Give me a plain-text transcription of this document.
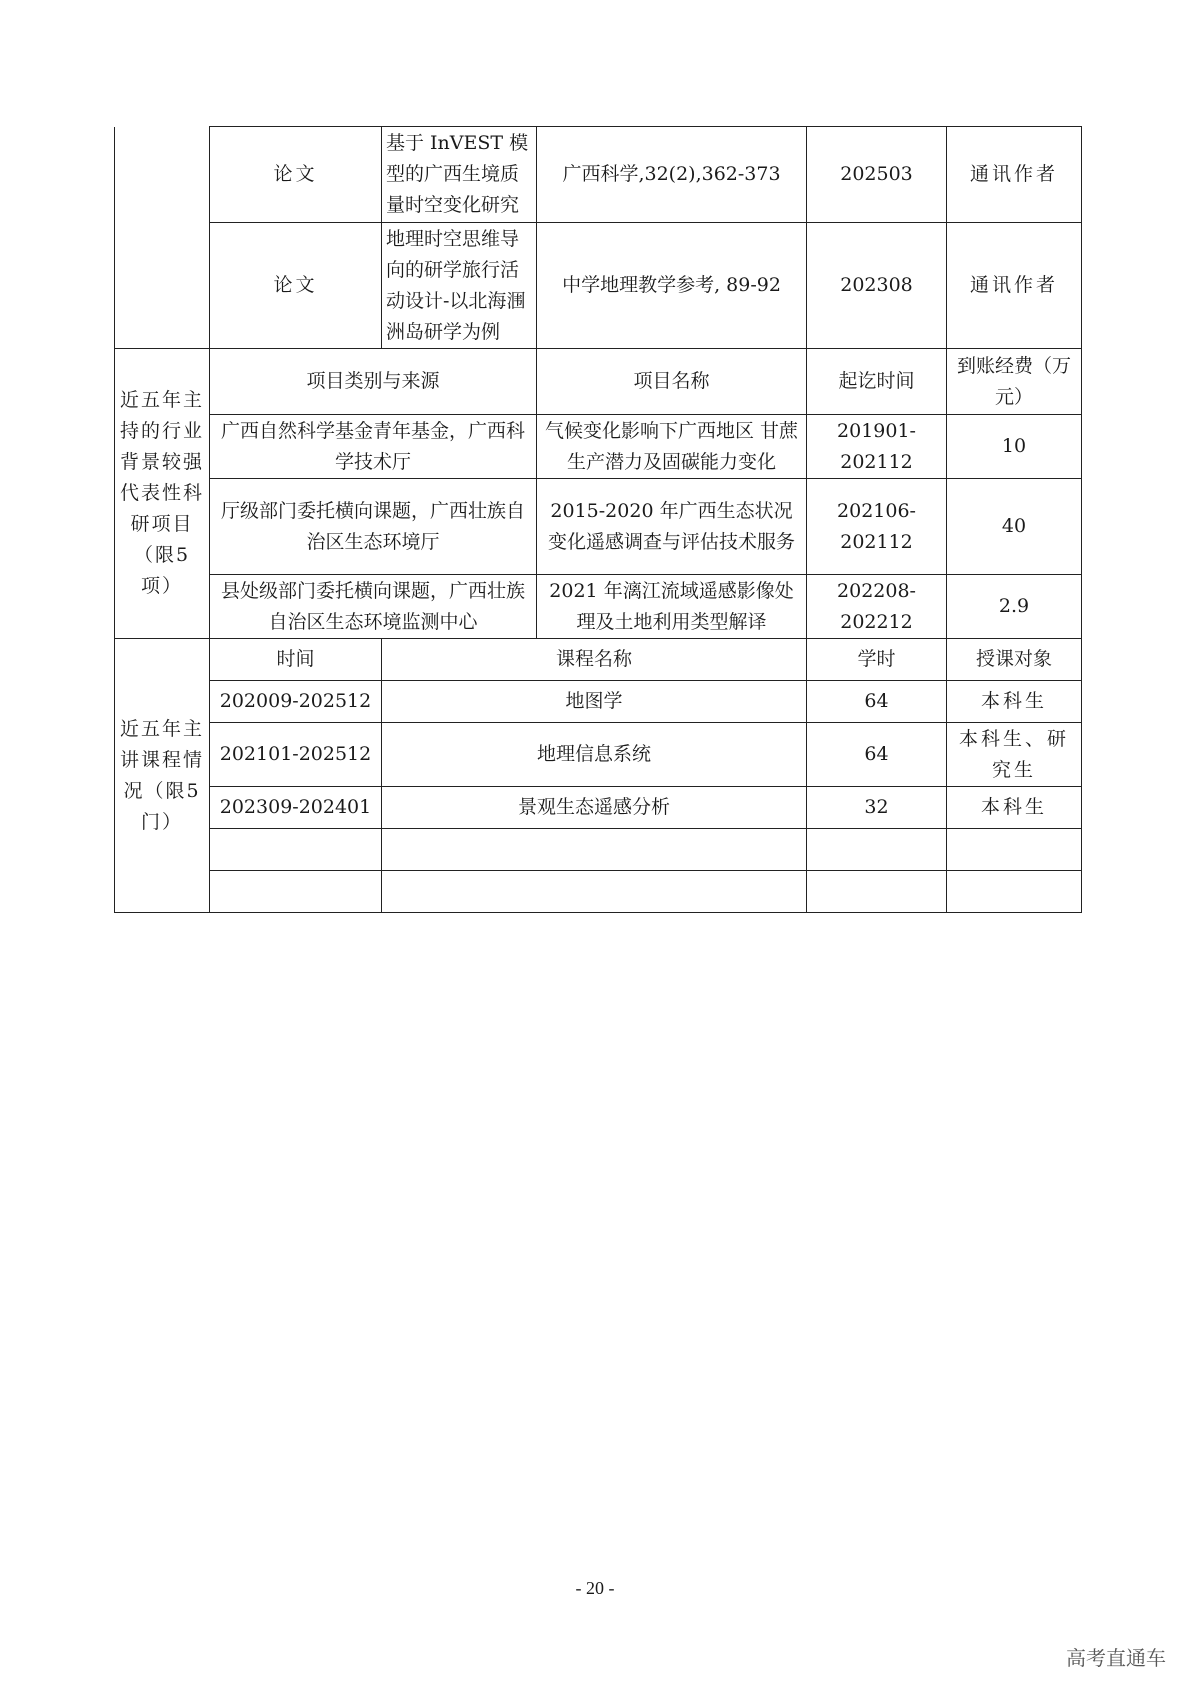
	论文	基于 InVEST 模型的广西生境质量时空变化研究	广西科学,32(2),362-373	202503	通讯作者
	论文	地理时空思维导向的研学旅行活动设计-以北海涠洲岛研学为例	中学地理教学参考, 89-92	202308	通讯作者
近五年主持的行业背景较强代表性科研项目（限5项）	项目类别与来源		项目名称	起讫时间	到账经费（万元）
	广西自然科学基金青年基金，广西科学技术厅		气候变化影响下广西地区 甘蔗生产潜力及固碳能力变化	201901-202112	10
	厅级部门委托横向课题，广西壮族自治区生态环境厅		2015-2020 年广西生态状况变化遥感调查与评估技术服务	202106-202112	40
	县处级部门委托横向课题，广西壮族自治区生态环境监测中心		2021 年漓江流域遥感影像处理及土地利用类型解译	202208-202212	2.9
近五年主讲课程情况（限5门）	时间	课程名称		学时	授课对象
	202009-202512	地图学		64	本科生
	202101-202512	地理信息系统		64	本科生、研究生
	202309-202401	景观生态遥感分析		32	本科生

- 20 -
高考直通车
